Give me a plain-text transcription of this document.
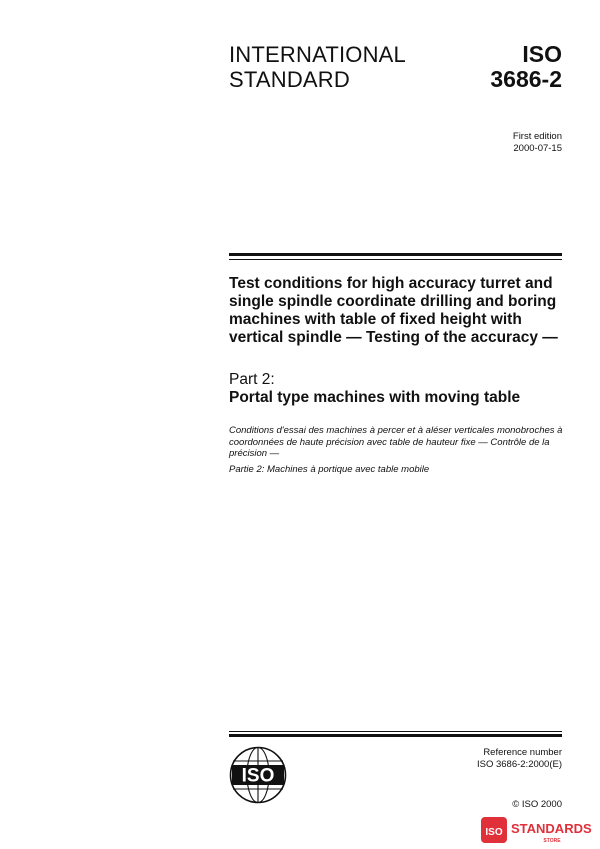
INTERNATIONAL
STANDARD
ISO
3686-2
First edition
2000-07-15
Test conditions for high accuracy turret and single spindle coordinate drilling and boring machines with table of fixed height with vertical spindle — Testing of the accuracy —
Part 2:
Portal type machines with moving table
Conditions d'essai des machines à percer et à aléser verticales monobroches à coordonnées de haute précision avec table de hauteur fixe — Contrôle de la précision —
Partie 2: Machines à portique avec table mobile
ISO
Reference number
ISO 3686-2:2000(E)
© ISO 2000
ISO STANDARDS
STORE
